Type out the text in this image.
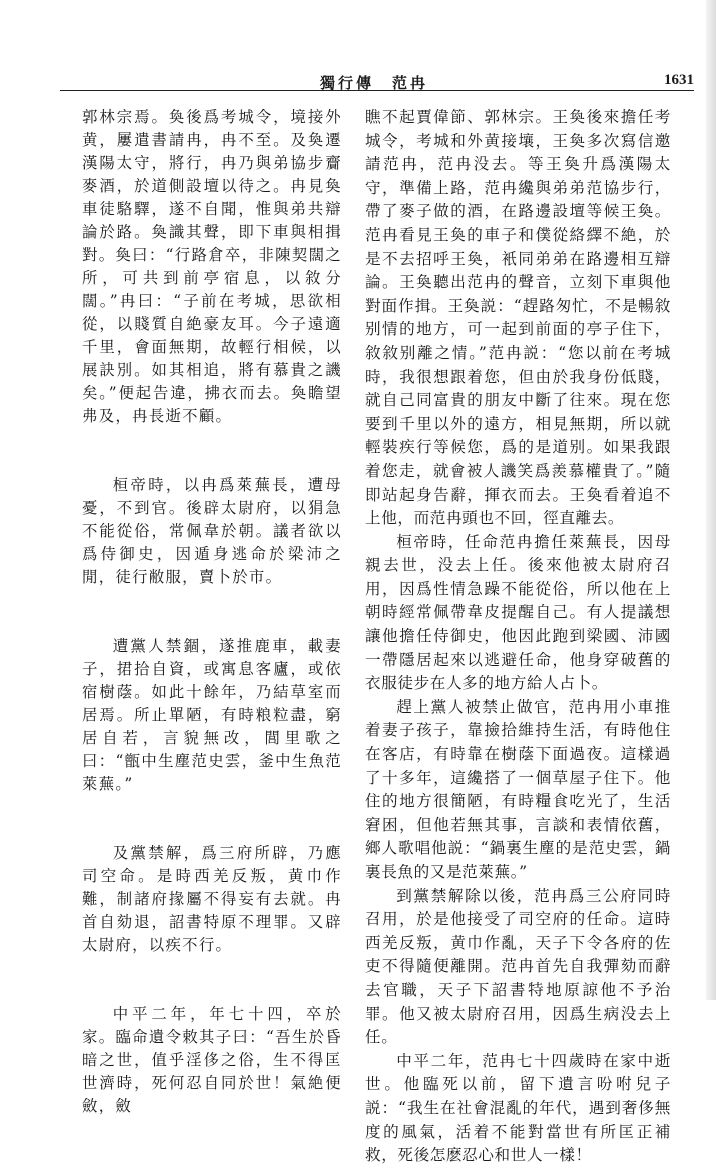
獨行傳　范冉	1631

郭林宗焉。奐後爲考城令，境接外黄，屢遣書請冉，冉不至。及奐遷漢陽太守，將行，冉乃與弟協步齎麥酒，於道側設壇以待之。冉見奐車徒駱驛，遂不自聞，惟與弟共辯論於路。奐識其聲，即下車與相揖對。奐曰：“行路倉卒，非陳契闊之所，可共到前亭宿息，以敘分闊。”冉曰：“子前在考城，思欲相從，以賤質自絶豪友耳。今子遠適千里，會面無期，故輕行相候，以展訣別。如其相追，將有慕貴之譏矣。”便起告違，拂衣而去。奐瞻望弗及，冉長逝不顧。

桓帝時，以冉爲萊蕪長，遭母憂，不到官。後辟太尉府，以狷急不能從俗，常佩韋於朝。議者欲以爲侍御史，因遁身逃命於梁沛之閒，徒行敝服，賣卜於市。

遭黨人禁錮，遂推鹿車，載妻子，捃拾自資，或寓息客廬，或依宿樹蔭。如此十餘年，乃結草室而居焉。所止單陋，有時粮粒盡，窮居自若，言貌無改，閭里歌之曰：“甑中生塵范史雲，釜中生魚范萊蕪。”

及黨禁解，爲三府所辟，乃應司空命。是時西羌反叛，黄巾作難，制諸府掾屬不得妄有去就。冉首自劾退，詔書特原不理罪。又辟太尉府，以疾不行。

中平二年，年七十四，卒於家。臨命遺令敕其子曰：“吾生於昏暗之世，值乎淫侈之俗，生不得匡世濟時，死何忍自同於世！氣絶便斂，斂

瞧不起賈偉節、郭林宗。王奐後來擔任考城令，考城和外黄接壤，王奐多次寫信邀請范冉，范冉没去。等王奐升爲漢陽太守，準備上路，范冉纔與弟弟范協步行，帶了麥子做的酒，在路邊設壇等候王奐。范冉看見王奐的車子和僕從絡繹不絶，於是不去招呼王奐，衹同弟弟在路邊相互辯論。王奐聽出范冉的聲音，立刻下車與他對面作揖。王奐説：“趕路匆忙，不是暢敘别情的地方，可一起到前面的亭子住下，敘敘别離之情。”范冉説：“您以前在考城時，我很想跟着您，但由於我身份低賤，就自己同富貴的朋友中斷了往來。現在您要到千里以外的遠方，相見無期，所以就輕裝疾行等候您，爲的是道别。如果我跟着您走，就會被人譏笑爲羨慕權貴了。”隨即站起身告辭，揮衣而去。王奐看着追不上他，而范冉頭也不回，徑直離去。

桓帝時，任命范冉擔任萊蕪長，因母親去世，没去上任。後來他被太尉府召用，因爲性情急躁不能從俗，所以他在上朝時經常佩帶韋皮提醒自己。有人提議想讓他擔任侍御史，他因此跑到梁國、沛國一帶隱居起來以逃避任命，他身穿破舊的衣服徒步在人多的地方給人占卜。

趕上黨人被禁止做官，范冉用小車推着妻子孩子，靠撿拾維持生活，有時他住在客店，有時靠在樹蔭下面過夜。這樣過了十多年，這纔搭了一個草屋子住下。他住的地方很簡陋，有時糧食吃光了，生活窘困，但他若無其事，言談和表情依舊，鄉人歌唱他説：“鍋裏生塵的是范史雲，鍋裏長魚的又是范萊蕪。”

到黨禁解除以後，范冉爲三公府同時召用，於是他接受了司空府的任命。這時西羌反叛，黄巾作亂，天子下令各府的佐吏不得隨便離開。范冉首先自我彈劾而辭去官職，天子下詔書特地原諒他不予治罪。他又被太尉府召用，因爲生病没去上任。

中平二年，范冉七十四歲時在家中逝世。他臨死以前，留下遺言吩咐兒子説：“我生在社會混亂的年代，遇到奢侈無度的風氣，活着不能對當世有所匡正補救，死後怎麽忍心和世人一樣！
